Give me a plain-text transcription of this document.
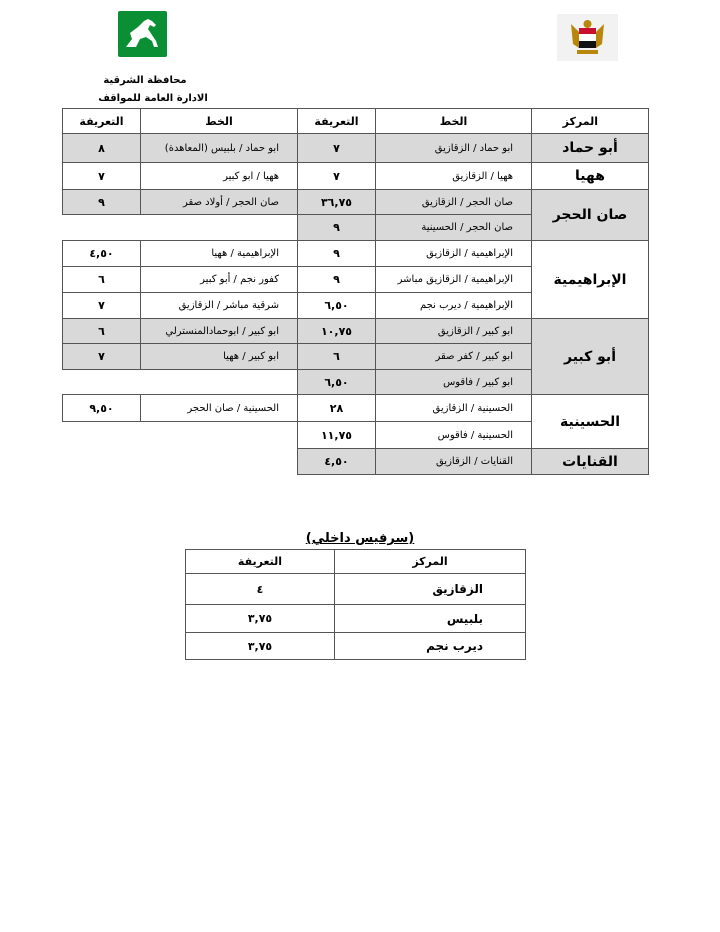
محافظة الشرقية
الادارة العامة للمواقف
المركز
الخط
التعريفة
الخط
التعريفة
أبو حماد
ههيا
صان الحجر
الإبراهيمية
أبو كبير
الحسينية
القنايات
ابو حماد / الزقازيق
٧
ابو حماد / بلبيس (المعاهدة)
٨
ههيا / الزقازيق
٧
ههيا / ابو كبير
٧
صان الحجر / الزقازيق
٣٦,٧٥
صان الحجر / أولاد صقر
٩
صان الحجر / الحسينية
٩
الإبراهيمية / الزقازيق
٩
الإبراهيمية / ههيا
٤,٥٠
الإبراهيمية / الزقازيق مباشر
٩
كفور نجم / أبو كبير
٦
الإبراهيمية / ديرب نجم
٦,٥٠
شرقية مباشر / الزقازيق
٧
ابو كبير / الزقازيق
١٠,٧٥
ابو كبير / ابوحمادالمنسترلي
٦
ابو كبير / كفر صقر
٦
ابو كبير / ههيا
٧
ابو كبير / فاقوس
٦,٥٠
الحسينية / الزقازيق
٢٨
الحسينية / صان الحجر
٩,٥٠
الحسينية / فاقوس
١١,٧٥
القنايات / الزقازيق
٤,٥٠
(سرفيس داخلي)
المركز
التعريفة
الزقازيق
٤
بلبيس
٣,٧٥
ديرب نجم
٣,٧٥
